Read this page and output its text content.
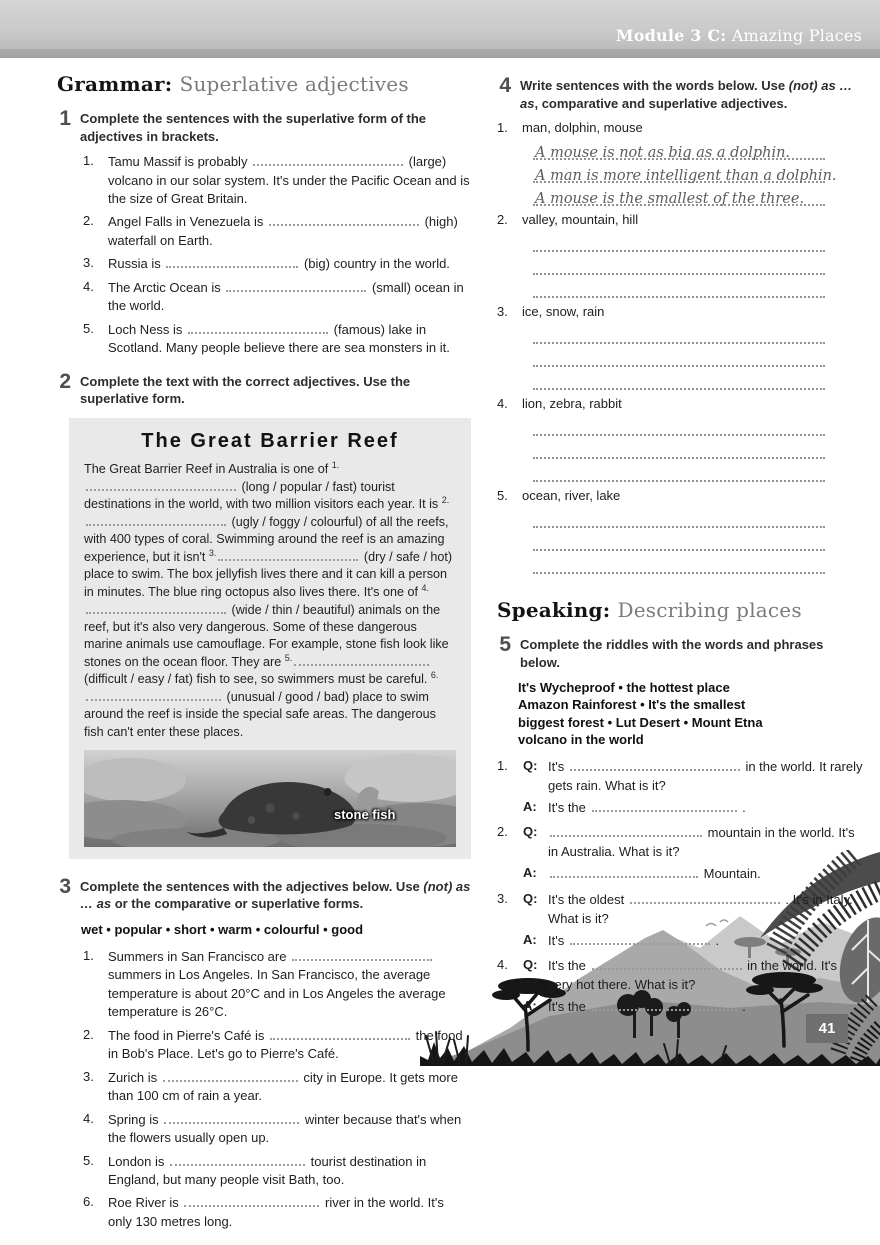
Module 3 C: Amazing Places
Grammar: Superlative adjectives
1 Complete the sentences with the superlative form of the adjectives in brackets.

1.	Tamu Massif is probably	(large) volcano in our solar system. It's under the Pacific Ocean and is the size of Great Britain.
2.	Angel Falls in Venezuela is	(high) waterfall on Earth.
3.	Russia is	(big) country in the world.
4.	The Arctic Ocean is	(small) ocean in the world.
5.	Loch Ness is	(famous) lake in Scotland. Many people believe there are sea monsters in it.
2 Complete the text with the correct adjectives. Use the superlative form.

The Great Barrier Reef
The Great Barrier Reef in Australia is one of $^{1.}$ (long / popular / fast) tourist destinations in the world, with two million visitors each year. It is $^{2.}$ (ugly / foggy / colourful) of all the reefs, with 400 types of coral. Swimming around the reef is an amazing experience, but it isn't $^{3.}$	(dry / safe / hot) place to swim. The box jellyfish lives there and it can kill a person in minutes. The blue ring octopus also lives there. It's one of $^{4.}$ (wide / thin / beautiful) animals on the reef, but it's also very dangerous. Some of these dangerous marine animals use camouflage. For example, stone fish look like stones on the ocean floor. They are $^{5.}$ (difficult / easy / fat) fish to see, so swimmers must be careful. $^{6.}$ (unusual / good / bad) place to swim around the reef is inside the special safe areas. The dangerous fish can't enter these places.
stone fish
3 Complete the sentences with the adjectives below. Use (not) as … as or the comparative or superlative forms.

wet • popular • short • warm • colourful • good
1.	Summers in San Francisco are  summers in Los Angeles. In San Francisco, the average temperature is about 20°C and in Los Angeles the average temperature is 26°C.
2.	The food in Pierre's Café is	the food in Bob's Place. Let's go to Pierre's Café.
3.	Zurich is	city in Europe. It gets more than 100 cm of rain a year.
4.	Spring is	winter because that's when the flowers usually open up.
5.	London is	tourist destination in England, but many people visit Bath, too.
6.	Roe River is	river in the world. It's only 130 metres long.
4 Write sentences with the words below. Use (not) as … as, comparative and superlative adjectives.

1.	man, dolphin, mouse
A mouse is not as big as a dolphin.
A man is more intelligent than a dolphin.
A mouse is the smallest of the three.
2.	valley, mountain, hill
3.	ice, snow, rain
4.	lion, zebra, rabbit
5.	ocean, river, lake
Speaking: Describing places
5 Complete the riddles with the words and phrases below.

It's Wycheproof • the hottest place
Amazon Rainforest • It's the smallest
biggest forest • Lut Desert • Mount Etna
volcano in the world
1.	Q: It's	in the world. It rarely gets rain. What is it?
A: It's the	.
2.	Q:	mountain in the world. It's in Australia. What is it?
A:	Mountain.
3.	Q: It's the oldest	. It's in Italy. What is it?
A: It's	.
4.	Q: It's the	in the world. It's very hot there. What is it?
A: It's the	.
41
